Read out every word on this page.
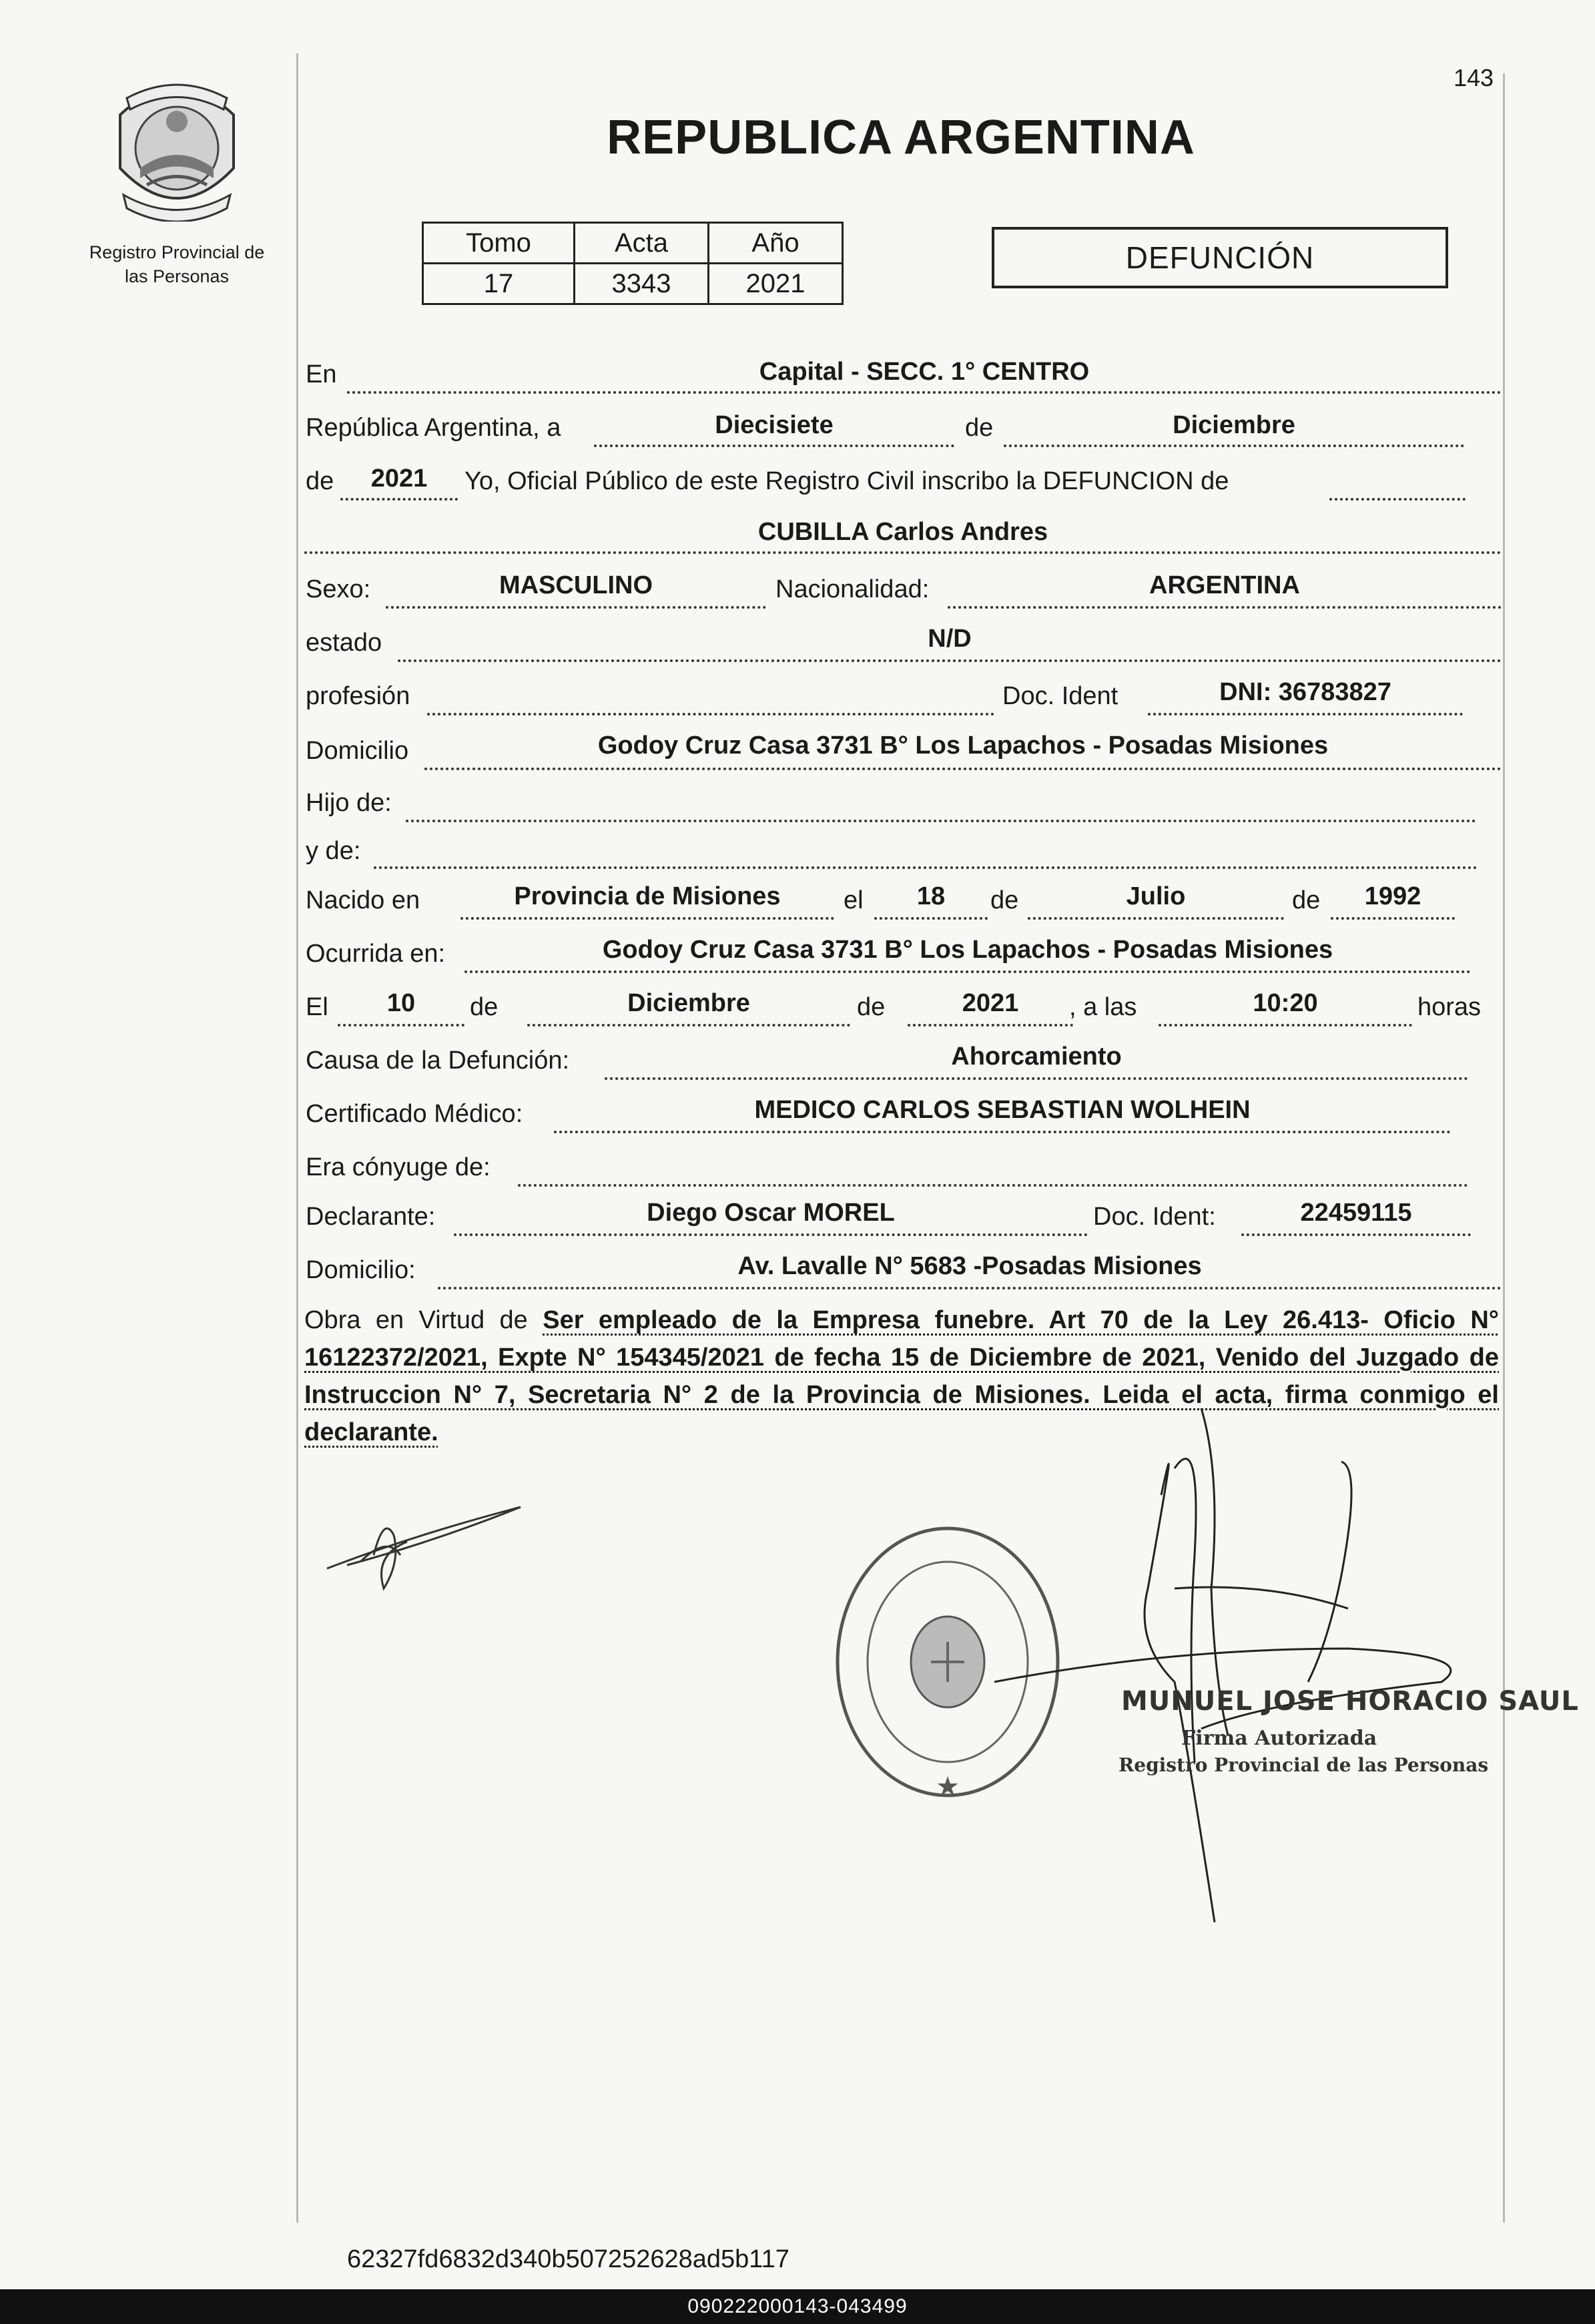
143
Registro Provincial de
las Personas
REPUBLICA ARGENTINA
Tomo	Acta	Año
17	3343	2021
DEFUNCIÓN
En	Capital - SECC. 1° CENTRO
República Argentina, a	Diecisiete	de	Diciembre
de	2021	Yo, Oficial Público de este Registro Civil inscribo la DEFUNCION de
CUBILLA Carlos Andres
Sexo:	MASCULINO	Nacionalidad:	ARGENTINA
estado	N/D
profesión	Doc. Ident	DNI: 36783827
Domicilio	Godoy Cruz Casa 3731 B° Los Lapachos - Posadas Misiones
Hijo de:
y de:
Nacido en	Provincia de Misiones	el	18	de	Julio	de	1992
Ocurrida en:	Godoy Cruz Casa 3731 B° Los Lapachos - Posadas Misiones
El	10	de	Diciembre	de	2021	, a las	10:20	horas
Causa de la Defunción:	Ahorcamiento
Certificado Médico:	MEDICO CARLOS SEBASTIAN WOLHEIN
Era cónyuge de:
Declarante:	Diego Oscar MOREL	Doc. Ident:	22459115
Domicilio:	Av. Lavalle N° 5683 -Posadas Misiones
Obra en Virtud de Ser empleado de la Empresa funebre. Art 70 de la Ley 26.413- Oficio N° 16122372/2021, Expte N° 154345/2021 de fecha 15 de Diciembre de 2021, Venido del Juzgado de Instruccion N° 7, Secretaria N° 2 de la Provincia de Misiones. Leida el acta, firma conmigo el declarante.
★
MUNUEL JOSE HORACIO SAUL
Firma Autorizada
Registro Provincial de las Personas
62327fd6832d340b507252628ad5b117
090222000143-043499
